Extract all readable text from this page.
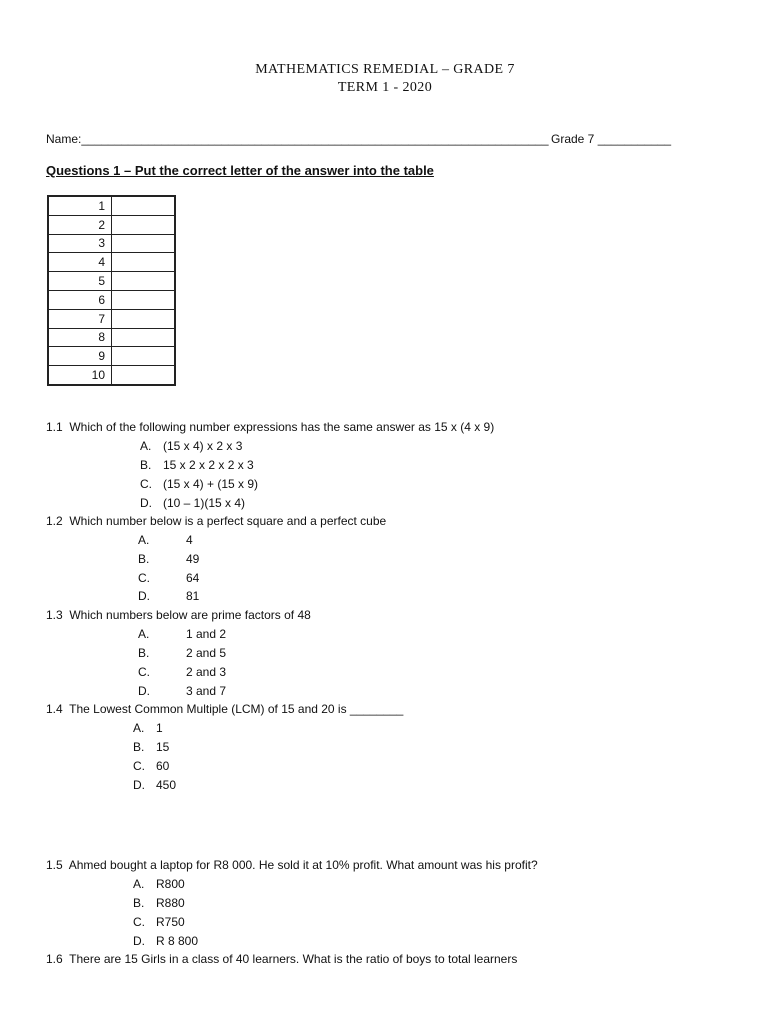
MATHEMATICS REMEDIAL – GRADE 7
TERM 1 - 2020
Name:______________________________________________________________________ Grade 7 ___________
Questions 1 – Put the correct letter of the answer into the table
1	
2	
3	
4	
5	
6	
7	
8	
9	
10	
1.1 Which of the following number expressions has the same answer as 15 x (4 x 9)
A. (15 x 4) x 2 x 3
B. 15 x 2 x 2 x 2 x 3
C. (15 x 4) + (15 x 9)
D. (10 – 1)(15 x 4)
1.2 Which number below is a perfect square and a perfect cube
A.	4
B.	49
C.	64
D.	81
1.3 Which numbers below are prime factors of 48
A.	1 and 2
B.	2 and 5
C.	2 and 3
D.	3 and 7
1.4 The Lowest Common Multiple (LCM) of 15 and 20 is ________
A. 1
B. 15
C. 60
D. 450
1.5 Ahmed bought a laptop for R8 000. He sold it at 10% profit. What amount was his profit?
A. R800
B. R880
C. R750
D. R 8 800
1.6 There are 15 Girls in a class of 40 learners. What is the ratio of boys to total learners
